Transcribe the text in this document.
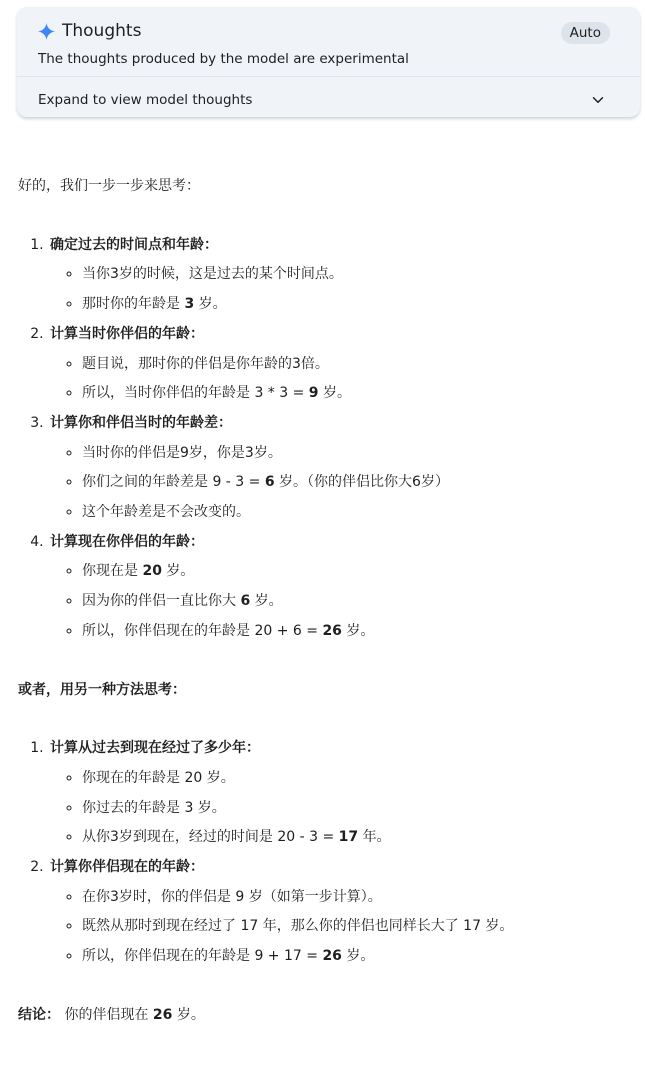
Thoughts
The thoughts produced by the model are experimental
Auto
Expand to view model thoughts

好的，我们一步一步来思考：

1. 确定过去的时间点和年龄：
◦ 当你3岁的时候，这是过去的某个时间点。
◦ 那时你的年龄是 3 岁。
2. 计算当时你伴侣的年龄：
◦ 题目说，那时你的伴侣是你年龄的3倍。
◦ 所以，当时你伴侣的年龄是 3 * 3 = 9 岁。
3. 计算你和伴侣当时的年龄差：
◦ 当时你的伴侣是9岁，你是3岁。
◦ 你们之间的年龄差是 9 - 3 = 6 岁。（你的伴侣比你大6岁）
◦ 这个年龄差是不会改变的。
4. 计算现在你伴侣的年龄：
◦ 你现在是 20 岁。
◦ 因为你的伴侣一直比你大 6 岁。
◦ 所以，你伴侣现在的年龄是 20 + 6 = 26 岁。

或者，用另一种方法思考：

1. 计算从过去到现在经过了多少年：
◦ 你现在的年龄是 20 岁。
◦ 你过去的年龄是 3 岁。
◦ 从你3岁到现在，经过的时间是 20 - 3 = 17 年。
2. 计算你伴侣现在的年龄：
◦ 在你3岁时，你的伴侣是 9 岁（如第一步计算）。
◦ 既然从那时到现在经过了 17 年，那么你的伴侣也同样长大了 17 岁。
◦ 所以，你伴侣现在的年龄是 9 + 17 = 26 岁。

结论： 你的伴侣现在 26 岁。
